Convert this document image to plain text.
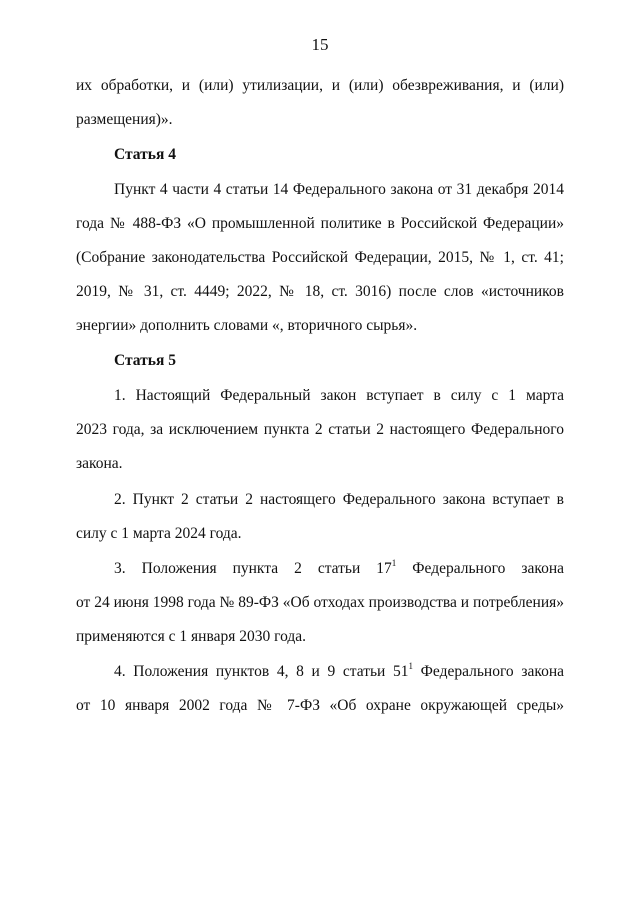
15
их обработки, и (или) утилизации, и (или) обезвреживания, и (или)
размещения)».
Статья 4
Пункт 4 части 4 статьи 14 Федерального закона от 31 декабря 2014
года № 488-ФЗ «О промышленной политике в Российской Федерации»
(Собрание законодательства Российской Федерации, 2015, № 1, ст. 41;
2019, № 31, ст. 4449; 2022, № 18, ст. 3016) после слов «источников
энергии» дополнить словами «, вторичного сырья».
Статья 5
1. Настоящий Федеральный закон вступает в силу с 1 марта
2023 года, за исключением пункта 2 статьи 2 настоящего Федерального
закона.
2. Пункт 2 статьи 2 настоящего Федерального закона вступает в
силу с 1 марта 2024 года.
3. Положения пункта 2 статьи $17^1$ Федерального закона
от 24 июня 1998 года № 89-ФЗ «Об отходах производства и потребления»
применяются с 1 января 2030 года.
4. Положения пунктов 4, 8 и 9 статьи $51^1$ Федерального закона
от 10 января 2002 года № 7-ФЗ «Об охране окружающей среды»
